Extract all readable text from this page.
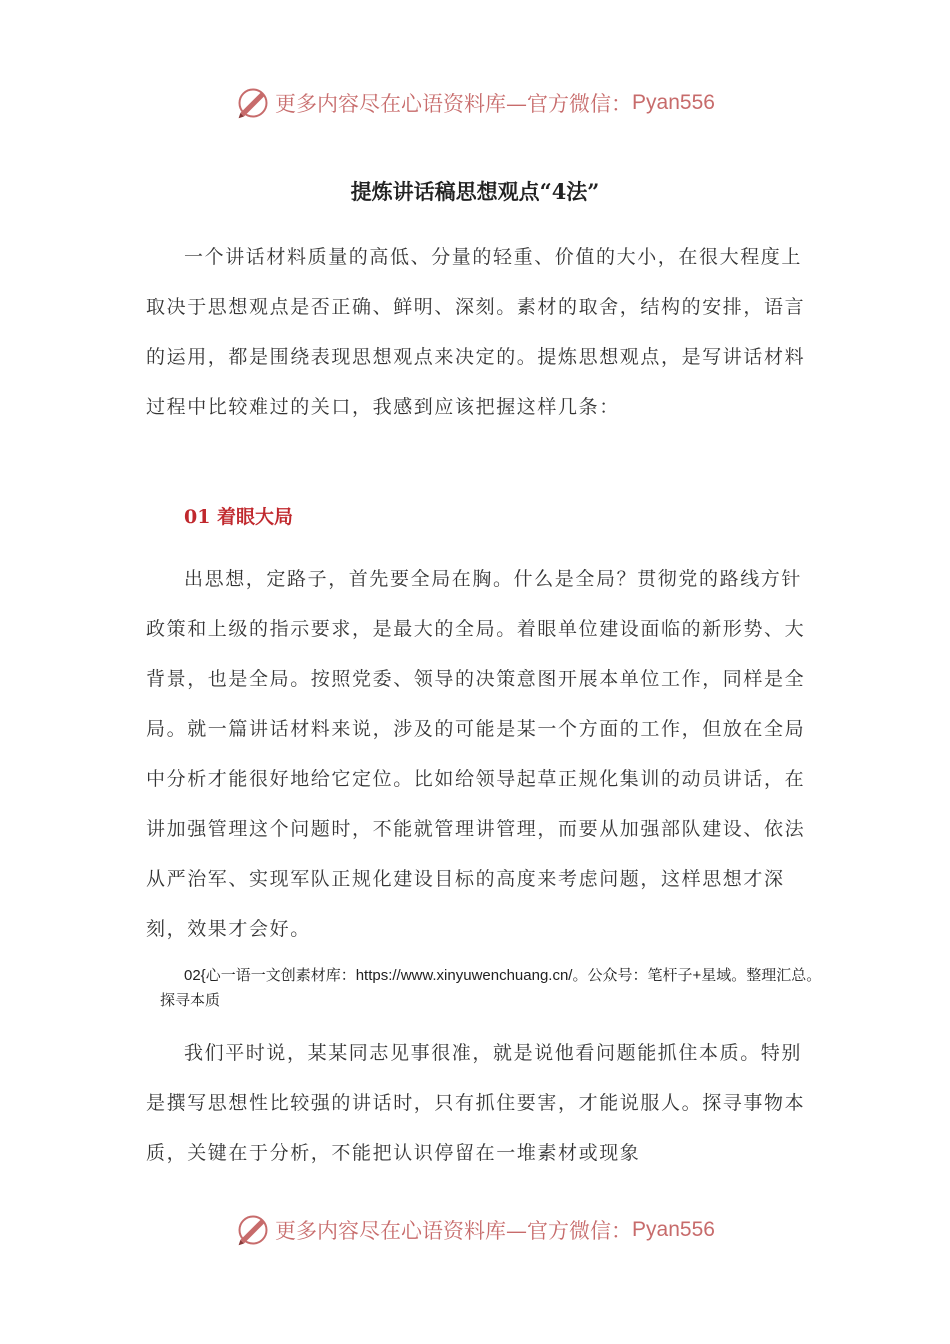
更多内容尽在心语资料库—官方微信： Pyan556
提炼讲话稿思想观点“4法”
一个讲话材料质量的高低、分量的轻重、价值的大小，在很大程度上取决于思想观点是否正确、鲜明、深刻。素材的取舍，结构的安排，语言的运用，都是围绕表现思想观点来决定的。提炼思想观点，是写讲话材料过程中比较难过的关口，我感到应该把握这样几条：
01 着眼大局
出思想，定路子，首先要全局在胸。什么是全局？贯彻党的路线方针政策和上级的指示要求，是最大的全局。着眼单位建设面临的新形势、大背景，也是全局。按照党委、领导的决策意图开展本单位工作，同样是全局。就一篇讲话材料来说，涉及的可能是某一个方面的工作，但放在全局中分析才能很好地给它定位。比如给领导起草正规化集训的动员讲话，在讲加强管理这个问题时，不能就管理讲管理，而要从加强部队建设、依法从严治军、实现军队正规化建设目标的高度来考虑问题，这样思想才深刻，效果才会好。
02{心一语一文创素材库：https://www.xinyuwenchuang.cn/。公众号：笔杆子+星域。整理汇总。探寻本质
我们平时说，某某同志见事很准，就是说他看问题能抓住本质。特别是撰写思想性比较强的讲话时，只有抓住要害，才能说服人。探寻事物本质，关键在于分析，不能把认识停留在一堆素材或现象
更多内容尽在心语资料库—官方微信： Pyan556
